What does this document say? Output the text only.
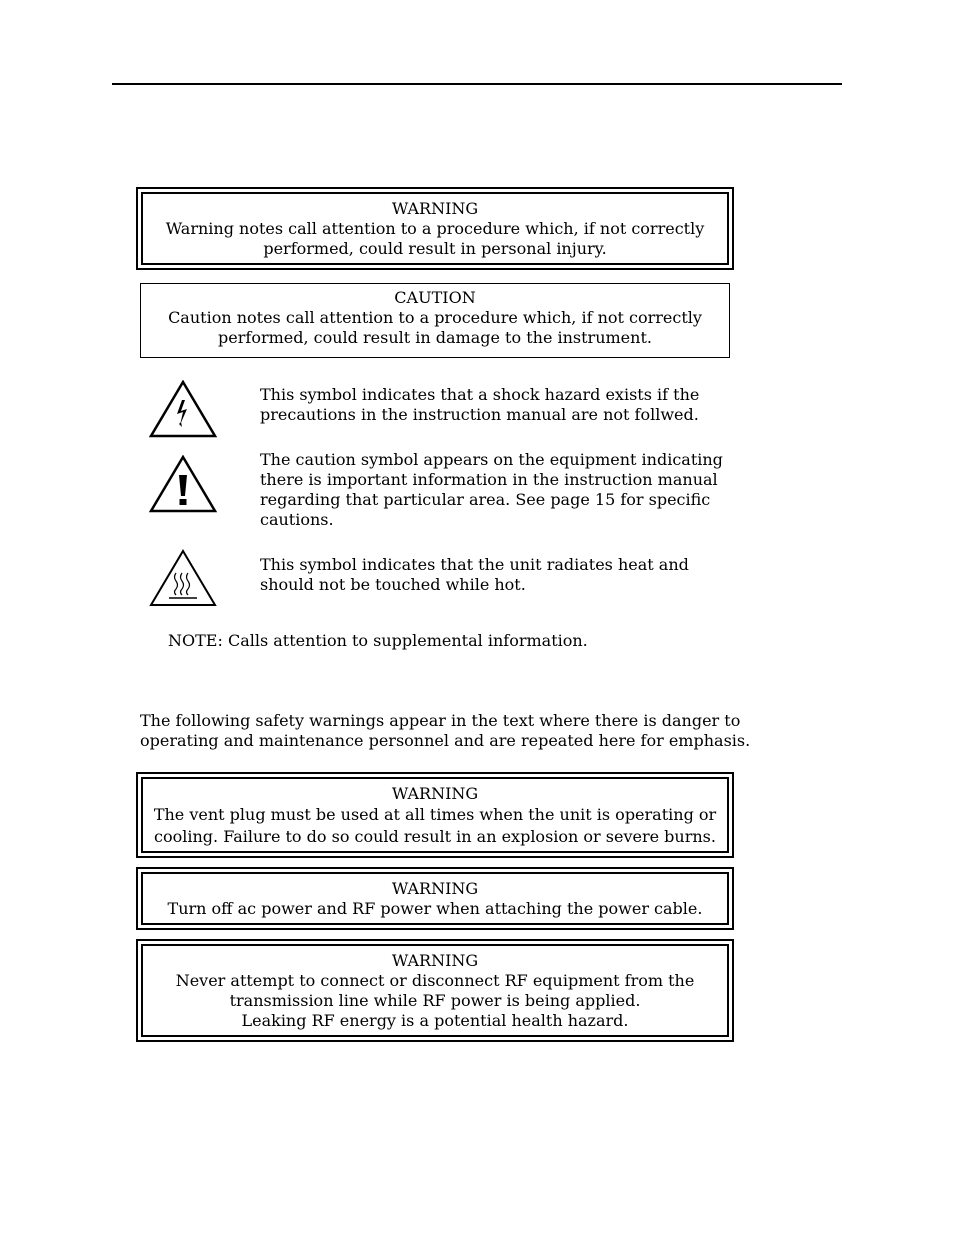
WARNING
Warning notes call attention to a procedure which, if not correctly
performed, could result in personal injury.
CAUTION
Caution notes call attention to a procedure which, if not correctly
performed, could result in damage to the instrument.
This symbol indicates that a shock hazard exists if the
precautions in the instruction manual are not follwed.
The caution symbol appears on the equipment indicating
there is important information in the instruction manual
regarding that particular area. See page 15 for specific
cautions.
This symbol indicates that the unit radiates heat and
should not be touched while hot.
NOTE: Calls attention to supplemental information.
The following safety warnings appear in the text where there is danger to
operating and maintenance personnel and are repeated here for emphasis.
WARNING
The vent plug must be used at all times when the unit is operating or
cooling. Failure to do so could result in an explosion or severe burns.
WARNING
Turn off ac power and RF power when attaching the power cable.
WARNING
Never attempt to connect or disconnect RF equipment from the
transmission line while RF power is being applied.
Leaking RF energy is a potential health hazard.
